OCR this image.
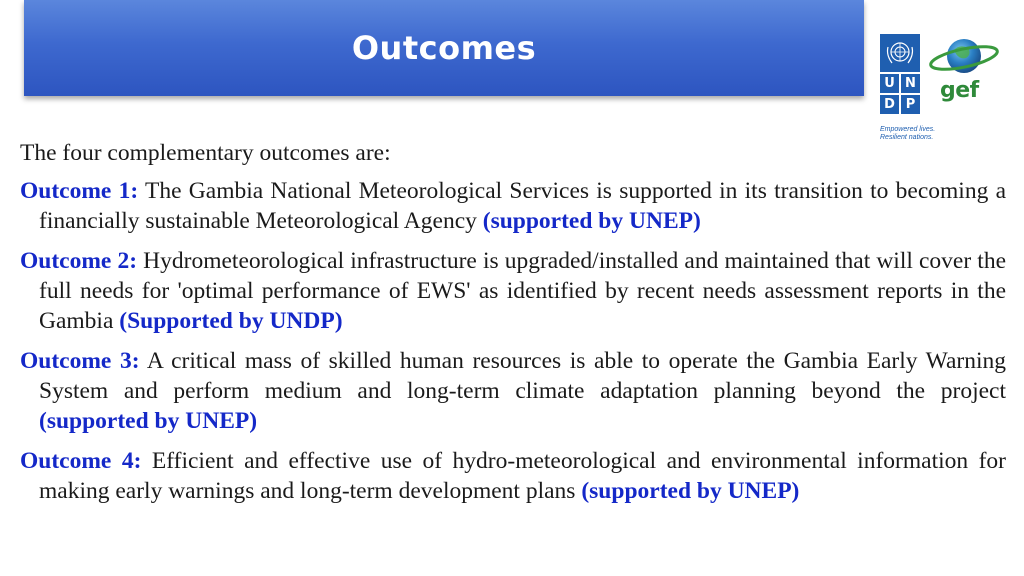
Outcomes
U N
D P
Empowered lives.
Resilient nations.
gef

The four complementary outcomes are:

Outcome 1: The Gambia National Meteorological Services is supported in its transition to becoming a financially sustainable Meteorological Agency (supported by UNEP)

Outcome 2: Hydrometeorological infrastructure is upgraded/installed and maintained that will cover the full needs for 'optimal performance of EWS' as identified by recent needs assessment reports in the Gambia (Supported by UNDP)

Outcome 3: A critical mass of skilled human resources is able to operate the Gambia Early Warning System and perform medium and long-term climate adaptation planning beyond the project (supported by UNEP)

Outcome 4: Efficient and effective use of hydro-meteorological and environmental information for making early warnings and long-term development plans (supported by UNEP)
